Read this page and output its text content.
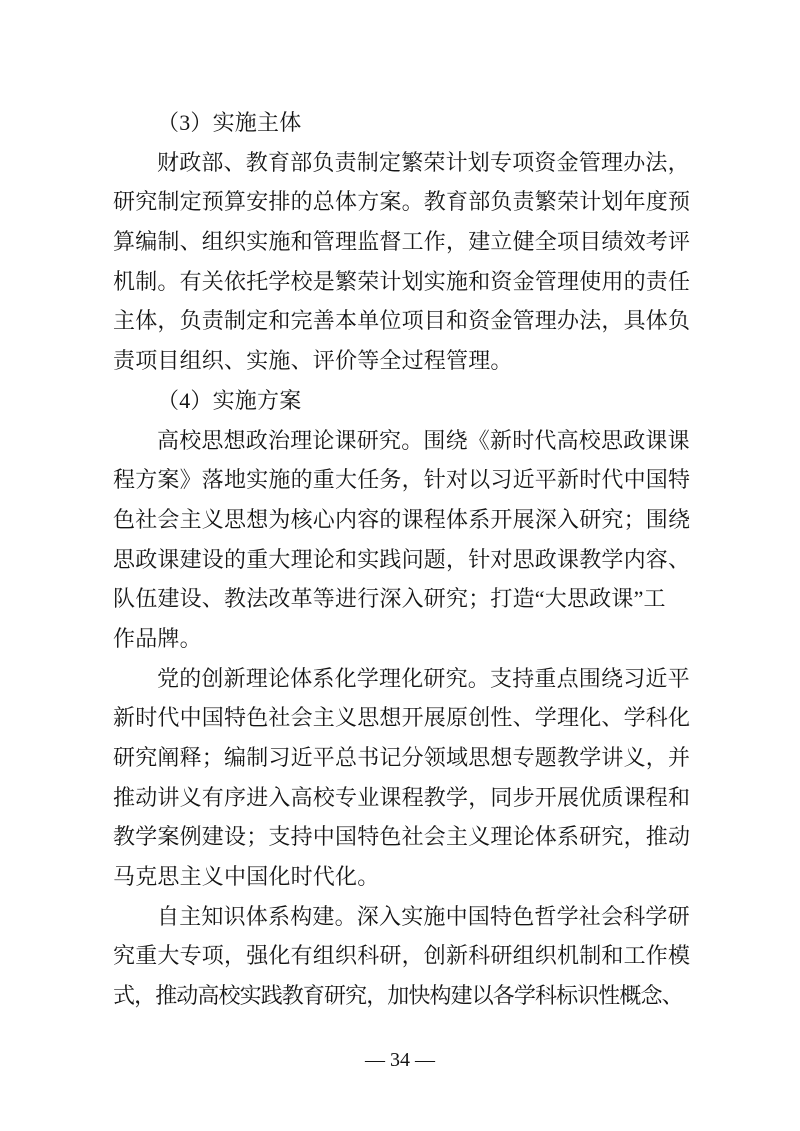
（3）实施主体
财政部、教育部负责制定繁荣计划专项资金管理办法，
研究制定预算安排的总体方案。教育部负责繁荣计划年度预
算编制、组织实施和管理监督工作，建立健全项目绩效考评
机制。有关依托学校是繁荣计划实施和资金管理使用的责任
主体，负责制定和完善本单位项目和资金管理办法，具体负
责项目组织、实施、评价等全过程管理。
（4）实施方案
高校思想政治理论课研究。围绕《新时代高校思政课课
程方案》落地实施的重大任务，针对以习近平新时代中国特
色社会主义思想为核心内容的课程体系开展深入研究；围绕
思政课建设的重大理论和实践问题，针对思政课教学内容、
队伍建设、教法改革等进行深入研究；打造“大思政课”工
作品牌。
党的创新理论体系化学理化研究。支持重点围绕习近平
新时代中国特色社会主义思想开展原创性、学理化、学科化
研究阐释；编制习近平总书记分领域思想专题教学讲义，并
推动讲义有序进入高校专业课程教学，同步开展优质课程和
教学案例建设；支持中国特色社会主义理论体系研究，推动
马克思主义中国化时代化。
自主知识体系构建。深入实施中国特色哲学社会科学研
究重大专项，强化有组织科研，创新科研组织机制和工作模
式，推动高校实践教育研究，加快构建以各学科标识性概念、
— 34 —
